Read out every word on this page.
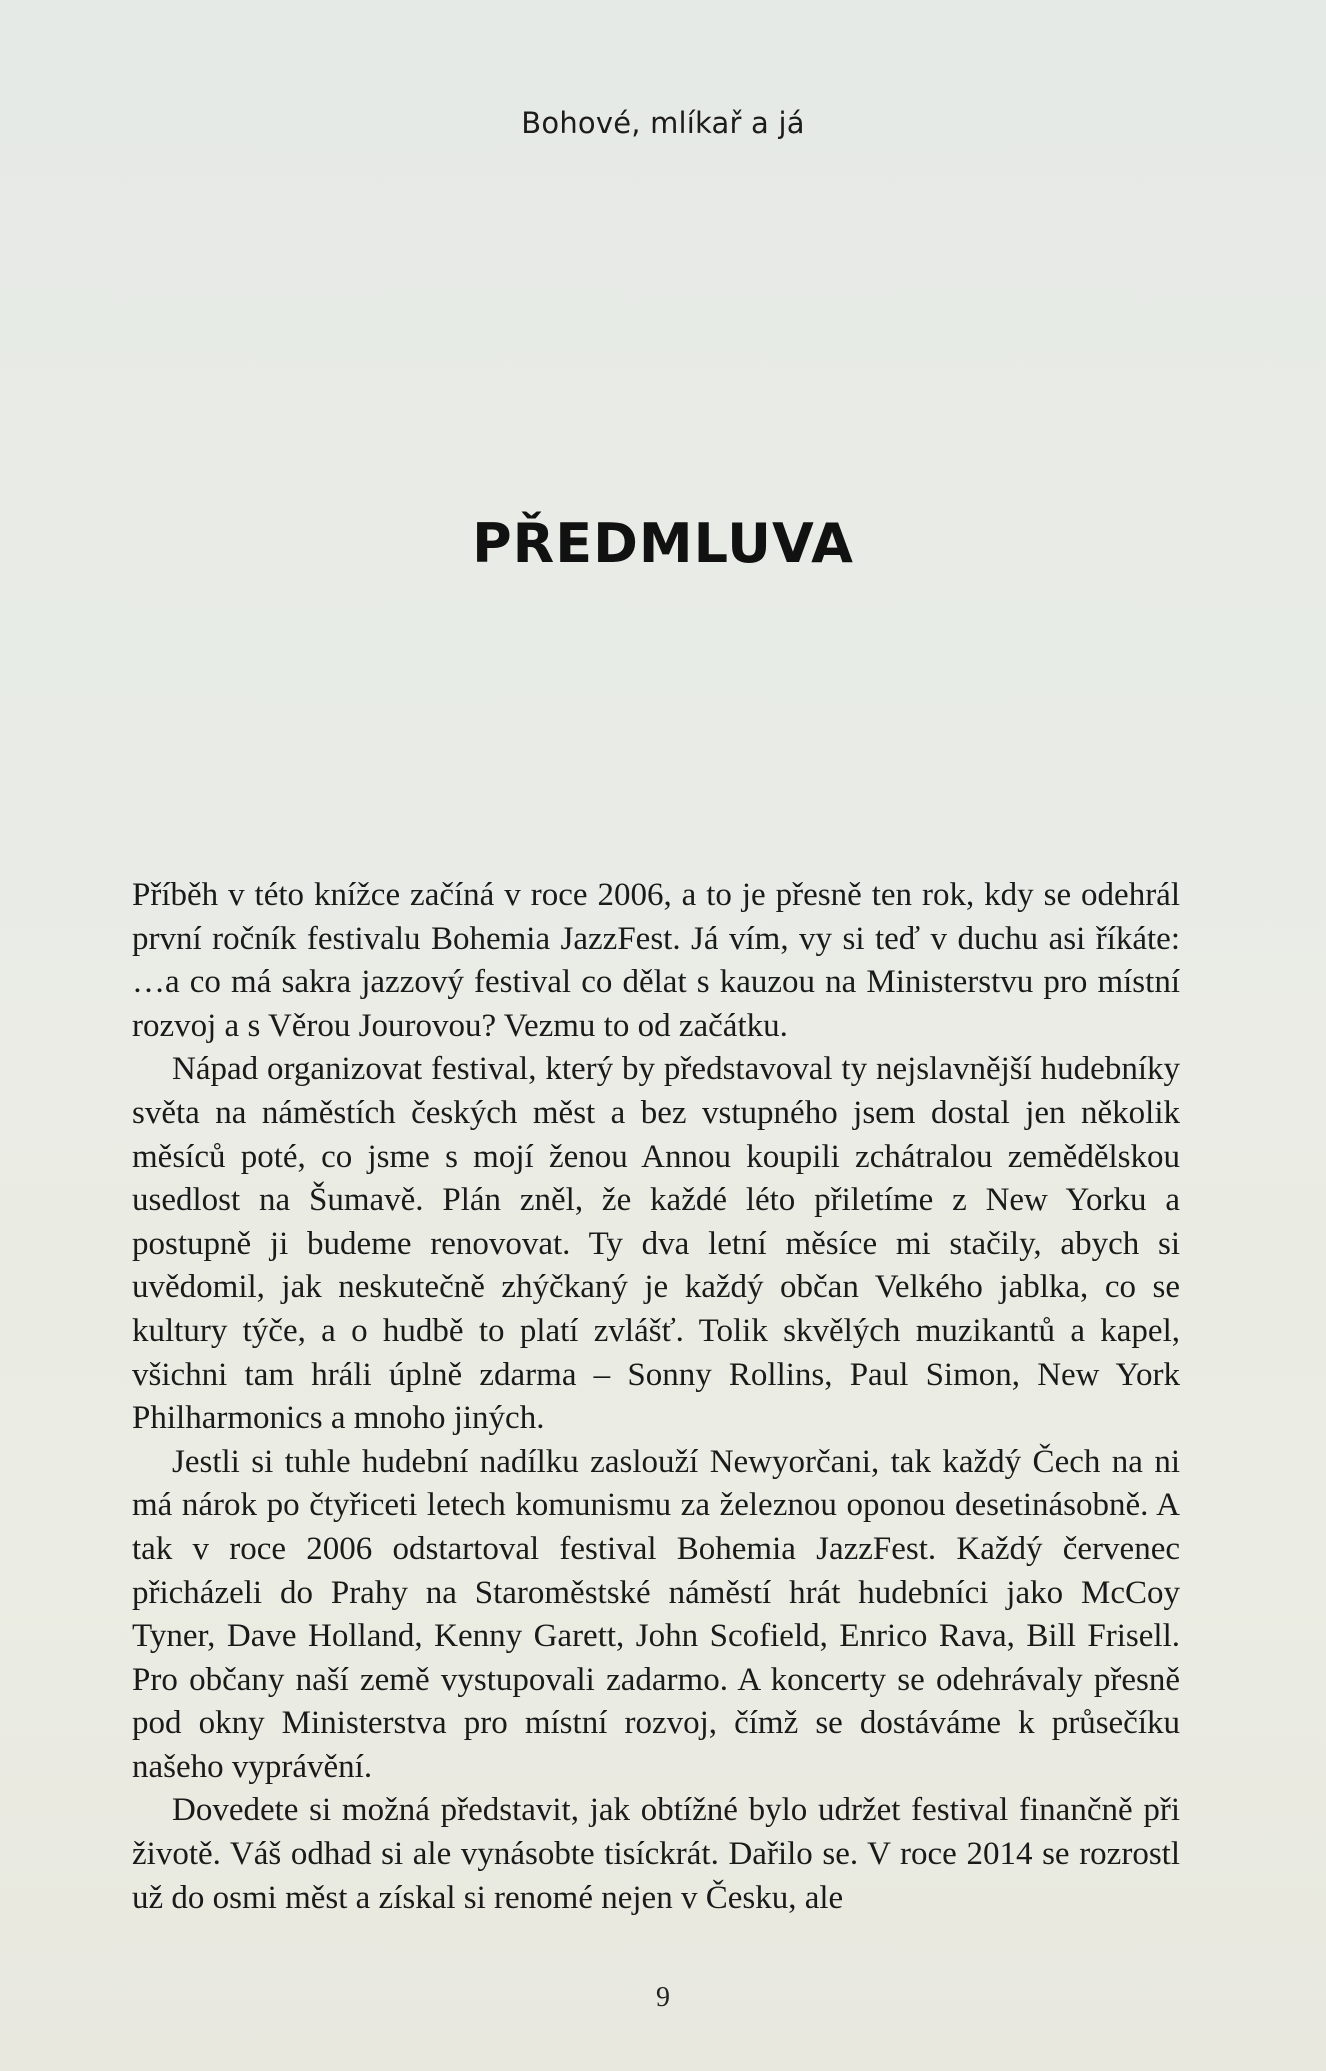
Bohové, mlíkař a já
PŘEDMLUVA

Příběh v této knížce začíná v roce 2006, a to je přesně ten rok, kdy se odehrál první ročník festivalu Bohemia JazzFest. Já vím, vy si teď v duchu asi říkáte: …a co má sakra jazzový festival co dělat s kauzou na Ministerstvu pro místní rozvoj a s Věrou Jourovou? Vezmu to od začátku.

Nápad organizovat festival, který by představoval ty nejslavnější hudebníky světa na náměstích českých měst a bez vstupného jsem dostal jen několik měsíců poté, co jsme s mojí ženou Annou koupili zchátralou zemědělskou usedlost na Šumavě. Plán zněl, že každé léto přiletíme z New Yorku a postupně ji budeme renovovat. Ty dva letní měsíce mi stačily, abych si uvědomil, jak neskutečně zhýčkaný je každý občan Velkého jablka, co se kultury týče, a o hudbě to platí zvlášť. Tolik skvělých muzikantů a kapel, všichni tam hráli úplně zdarma – Sonny Rollins, Paul Simon, New York Philharmonics a mnoho jiných.

Jestli si tuhle hudební nadílku zaslouží Newyorčani, tak každý Čech na ni má nárok po čtyřiceti letech komunismu za železnou oponou desetinásobně. A tak v roce 2006 odstartoval festival Bohemia JazzFest. Každý červenec přicházeli do Prahy na Staroměstské náměstí hrát hudebníci jako McCoy Tyner, Dave Holland, Kenny Garett, John Scofield, Enrico Rava, Bill Frisell. Pro občany naší země vystupovali zadarmo. A koncerty se odehrávaly přesně pod okny Ministerstva pro místní rozvoj, čímž se dostáváme k průsečíku našeho vyprávění.

Dovedete si možná představit, jak obtížné bylo udržet festival finančně při životě. Váš odhad si ale vynásobte tisíckrát. Dařilo se. V roce 2014 se rozrostl už do osmi měst a získal si renomé nejen v Česku, ale

9
